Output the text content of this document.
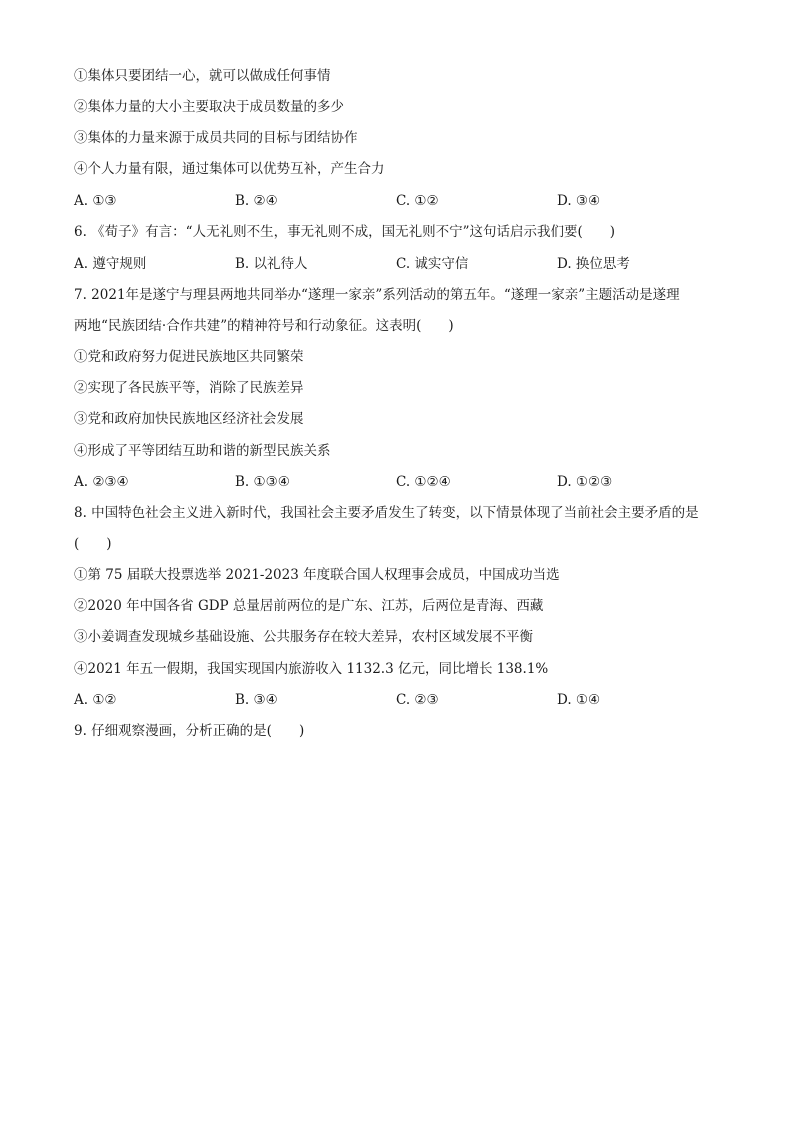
①集体只要团结一心，就可以做成任何事情
②集体力量的大小主要取决于成员数量的多少
③集体的力量来源于成员共同的目标与团结协作
④个人力量有限，通过集体可以优势互补，产生合力
A. ①③	B. ②④	C. ①②	D. ③④
6. 《荀子》有言：“人无礼则不生，事无礼则不成，国无礼则不宁”这句话启示我们要(　　)
A. 遵守规则	B. 以礼待人	C. 诚实守信	D. 换位思考
7. 2021年是遂宁与理县两地共同举办“遂理一家亲”系列活动的第五年。“遂理一家亲”主题活动是遂理
两地“民族团结·合作共建”的精神符号和行动象征。这表明(　　)
①党和政府努力促进民族地区共同繁荣
②实现了各民族平等，消除了民族差异
③党和政府加快民族地区经济社会发展
④形成了平等团结互助和谐的新型民族关系
A. ②③④	B. ①③④	C. ①②④	D. ①②③
8. 中国特色社会主义进入新时代，我国社会主要矛盾发生了转变，以下情景体现了当前社会主要矛盾的是
(　　)
①第 75 届联大投票选举 2021-2023 年度联合国人权理事会成员，中国成功当选
②2020 年中国各省 GDP 总量居前两位的是广东、江苏，后两位是青海、西藏
③小姜调查发现城乡基础设施、公共服务存在较大差异，农村区域发展不平衡
④2021 年五一假期，我国实现国内旅游收入 1132.3 亿元，同比增长 138.1%
A. ①②	B. ③④	C. ②③	D. ①④
9. 仔细观察漫画，分析正确的是(　　)
